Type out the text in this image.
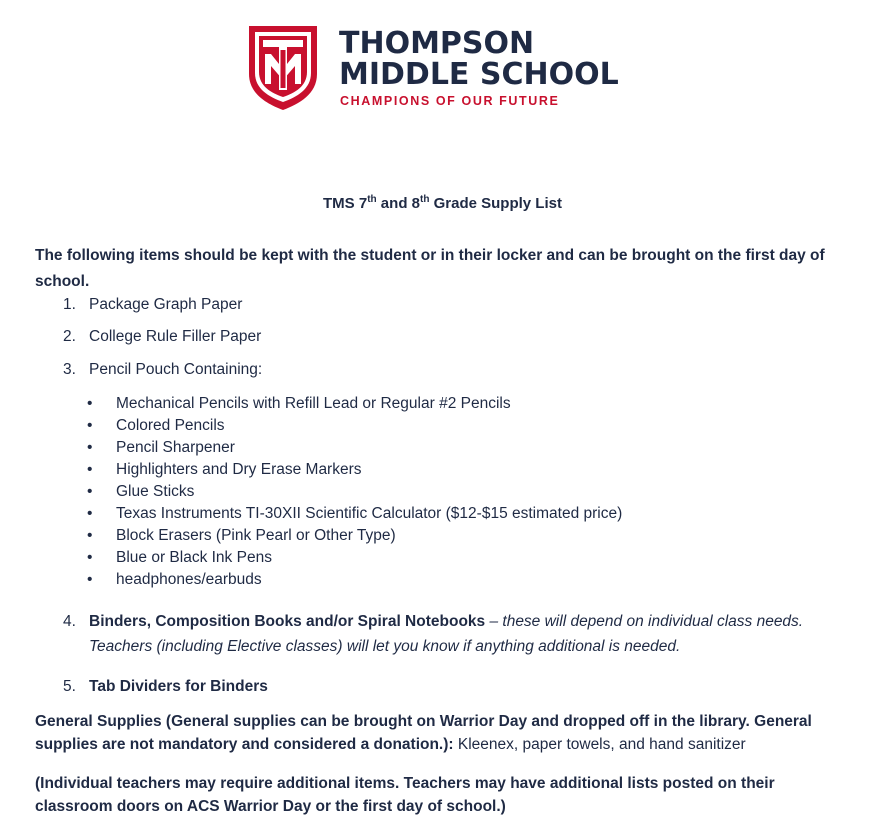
THOMPSON
MIDDLE SCHOOL
CHAMPIONS OF OUR FUTURE
TMS 7th and 8th Grade Supply List
The following items should be kept with the student or in their locker and can be brought on the first day of school.
1. Package Graph Paper
2. College Rule Filler Paper
3. Pencil Pouch Containing:
• Mechanical Pencils with Refill Lead or Regular #2 Pencils
• Colored Pencils
• Pencil Sharpener
• Highlighters and Dry Erase Markers
• Glue Sticks
• Texas Instruments TI-30XII Scientific Calculator ($12-$15 estimated price)
• Block Erasers (Pink Pearl or Other Type)
• Blue or Black Ink Pens
• headphones/earbuds
4. Binders, Composition Books and/or Spiral Notebooks – these will depend on individual class needs.
Teachers (including Elective classes) will let you know if anything additional is needed.
5. Tab Dividers for Binders
General Supplies (General supplies can be brought on Warrior Day and dropped off in the library. General supplies are not mandatory and considered a donation.): Kleenex, paper towels, and hand sanitizer
(Individual teachers may require additional items. Teachers may have additional lists posted on their classroom doors on ACS Warrior Day or the first day of school.)
